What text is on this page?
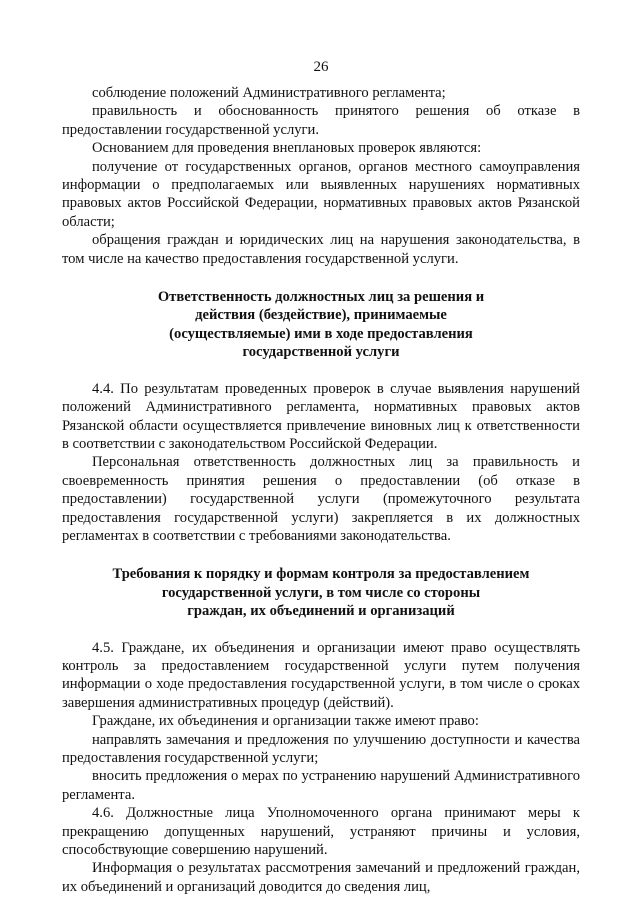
26

соблюдение положений Административного регламента;

правильность и обоснованность принятого решения об отказе в предоставлении государственной услуги.

Основанием для проведения внеплановых проверок являются:

получение от государственных органов, органов местного самоуправления информации о предполагаемых или выявленных нарушениях нормативных правовых актов Российской Федерации, нормативных правовых актов Рязанской области;

обращения граждан и юридических лиц на нарушения законодательства, в том числе на качество предоставления государственной услуги.

Ответственность должностных лиц за решения и
действия (бездействие), принимаемые
(осуществляемые) ими в ходе предоставления
государственной услуги

4.4. По результатам проведенных проверок в случае выявления нарушений положений Административного регламента, нормативных правовых актов Рязанской области осуществляется привлечение виновных лиц к ответственности в соответствии с законодательством Российской Федерации.

Персональная ответственность должностных лиц за правильность и своевременность принятия решения о предоставлении (об отказе в предоставлении) государственной услуги (промежуточного результата предоставления государственной услуги) закрепляется в их должностных регламентах в соответствии с требованиями законодательства.

Требования к порядку и формам контроля за предоставлением
государственной услуги, в том числе со стороны
граждан, их объединений и организаций

4.5. Граждане, их объединения и организации имеют право осуществлять контроль за предоставлением государственной услуги путем получения информации о ходе предоставления государственной услуги, в том числе о сроках завершения административных процедур (действий).

Граждане, их объединения и организации также имеют право:

направлять замечания и предложения по улучшению доступности и качества предоставления государственной услуги;

вносить предложения о мерах по устранению нарушений Административного регламента.

4.6. Должностные лица Уполномоченного органа принимают меры к прекращению допущенных нарушений, устраняют причины и условия, способствующие совершению нарушений.

Информация о результатах рассмотрения замечаний и предложений граждан, их объединений и организаций доводится до сведения лиц,
